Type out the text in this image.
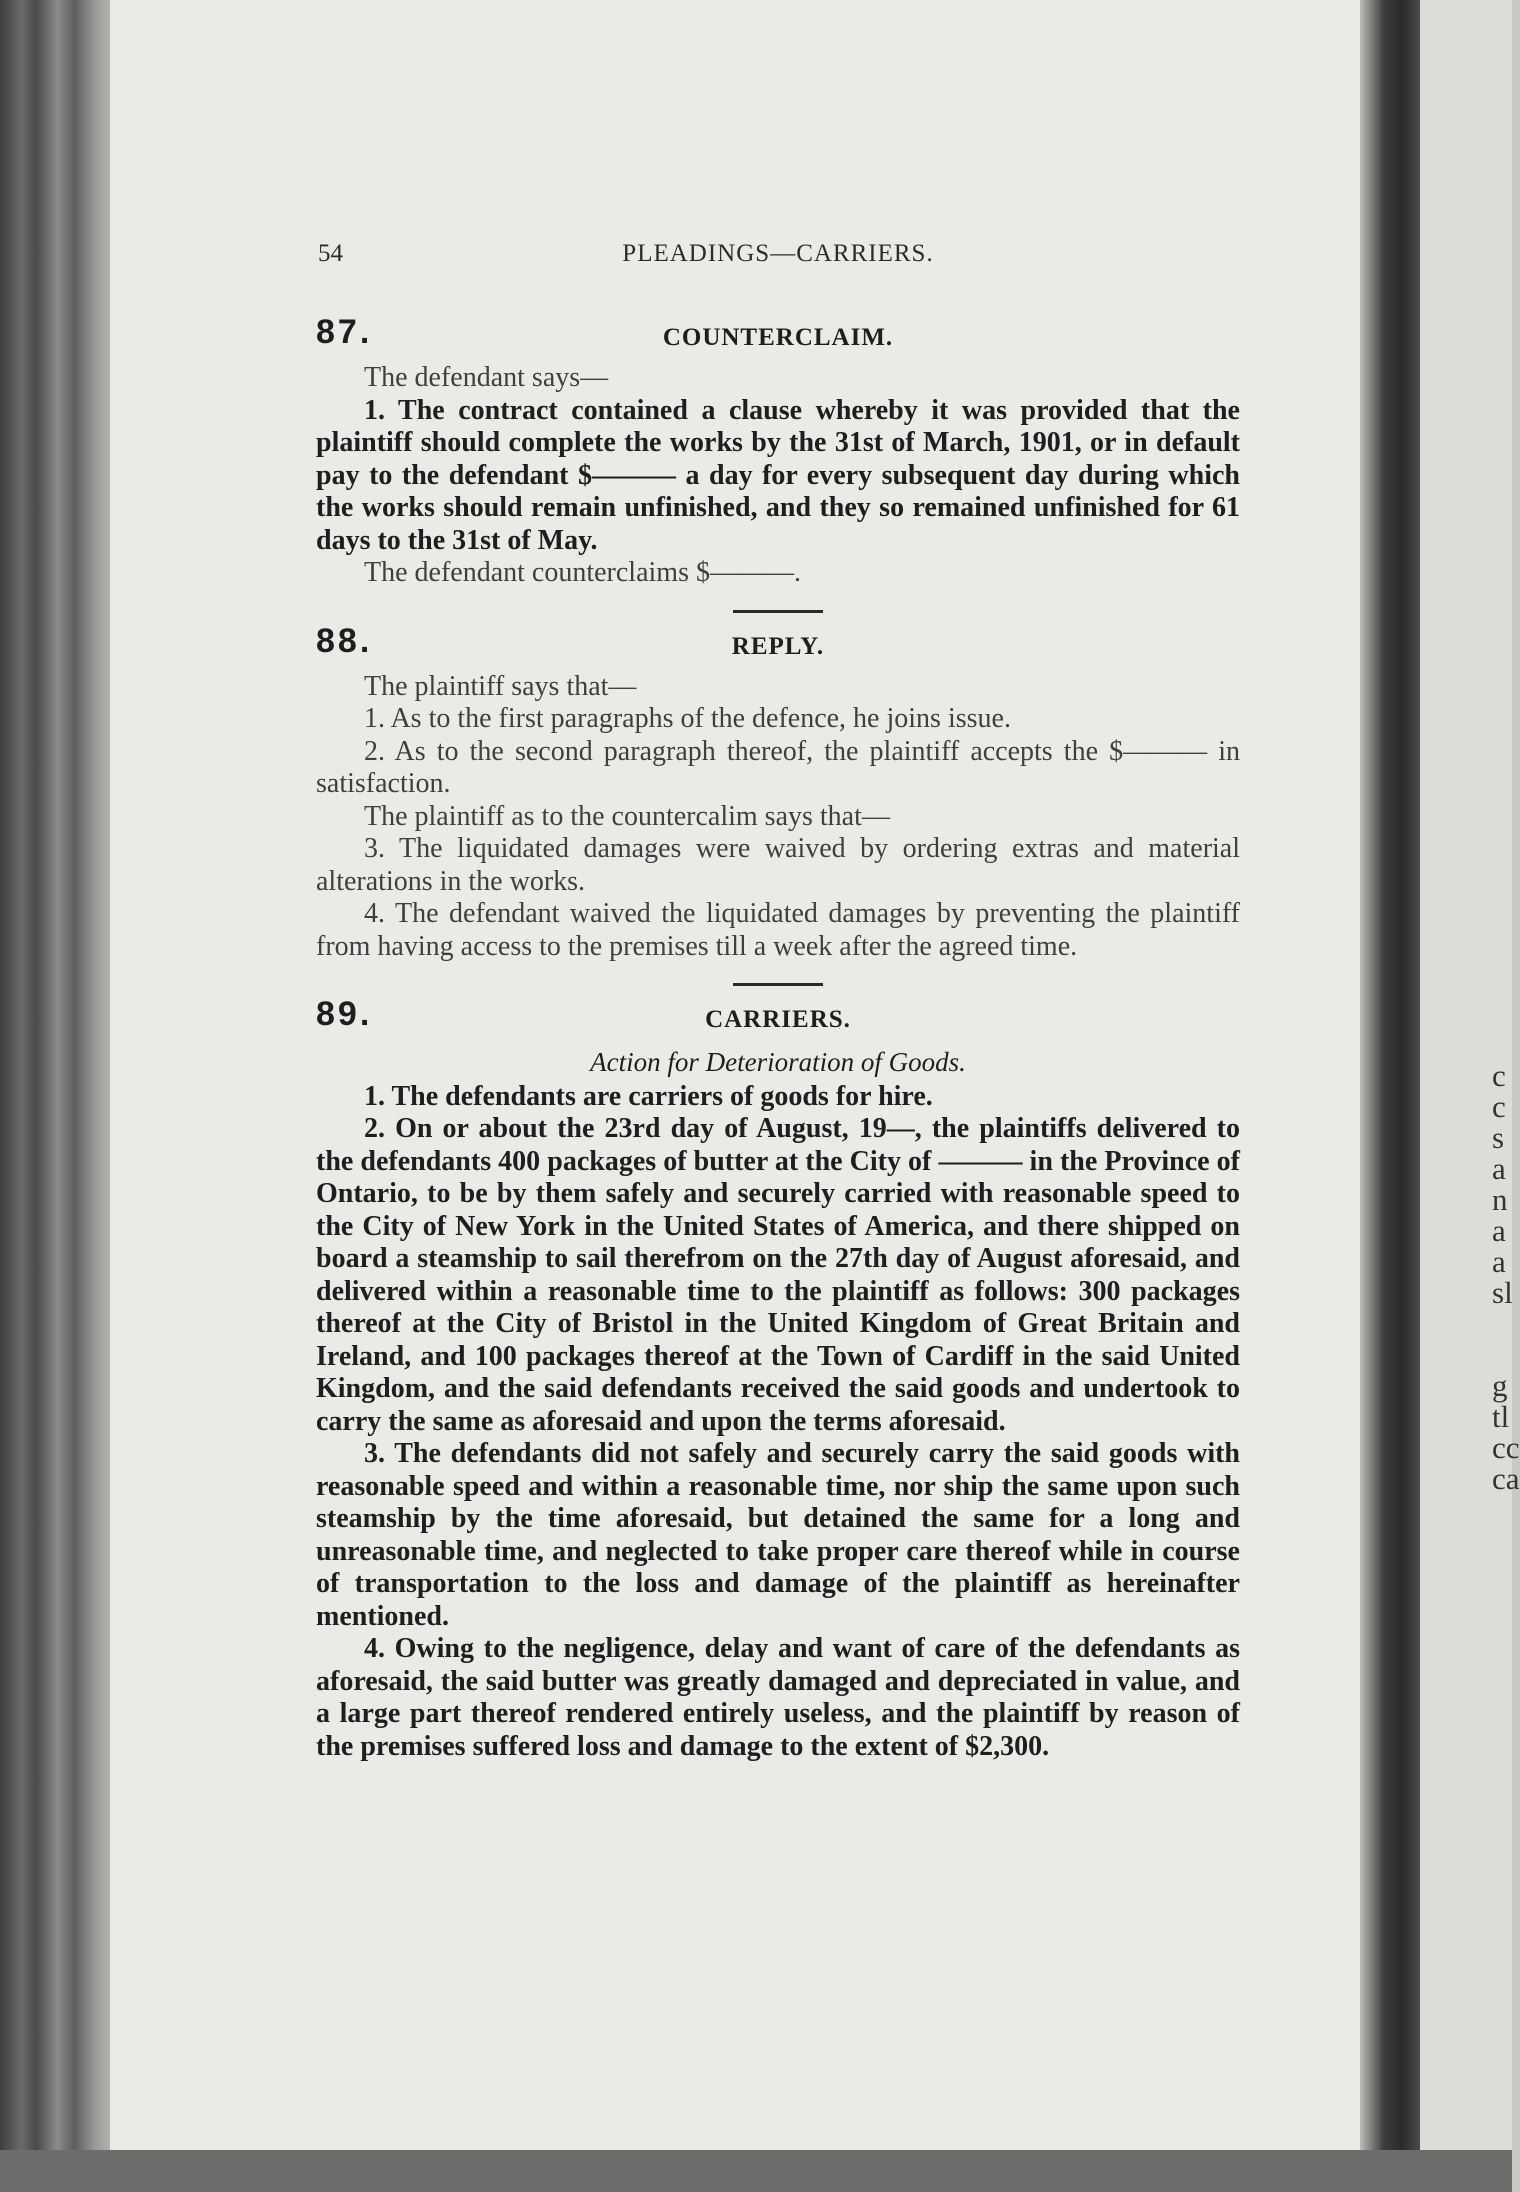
c
c
s
a
n
a
a
sl
g
tl
cc
ca
54	PLEADINGS—CARRIERS.
87.	COUNTERCLAIM.

The defendant says—

1. The contract contained a clause whereby it was provided that the plaintiff should complete the works by the 31st of March, 1901, or in default pay to the defendant $——— a day for every subsequent day during which the works should remain unfinished, and they so remained unfinished for 61 days to the 31st of May.

The defendant counterclaims $———.

88.	REPLY.

The plaintiff says that—

1. As to the first paragraphs of the defence, he joins issue.

2. As to the second paragraph thereof, the plaintiff accepts the $——— in satisfaction.

The plaintiff as to the countercalim says that—

3. The liquidated damages were waived by ordering extras and material alterations in the works.

4. The defendant waived the liquidated damages by preventing the plaintiff from having access to the premises till a week after the agreed time.

89.	CARRIERS.
Action for Deterioration of Goods.

1. The defendants are carriers of goods for hire.

2. On or about the 23rd day of August, 19—, the plaintiffs delivered to the defendants 400 packages of butter at the City of ——— in the Province of Ontario, to be by them safely and securely carried with reasonable speed to the City of New York in the United States of America, and there shipped on board a steamship to sail therefrom on the 27th day of August aforesaid, and delivered within a reasonable time to the plaintiff as follows: 300 packages thereof at the City of Bristol in the United Kingdom of Great Britain and Ireland, and 100 packages thereof at the Town of Cardiff in the said United Kingdom, and the said defendants received the said goods and undertook to carry the same as aforesaid and upon the terms aforesaid.

3. The defendants did not safely and securely carry the said goods with reasonable speed and within a reasonable time, nor ship the same upon such steamship by the time aforesaid, but detained the same for a long and unreasonable time, and neglected to take proper care thereof while in course of transportation to the loss and damage of the plaintiff as hereinafter mentioned.

4. Owing to the negligence, delay and want of care of the defendants as aforesaid, the said butter was greatly damaged and depreciated in value, and a large part thereof rendered entirely useless, and the plaintiff by reason of the premises suffered loss and damage to the extent of $2,300.
